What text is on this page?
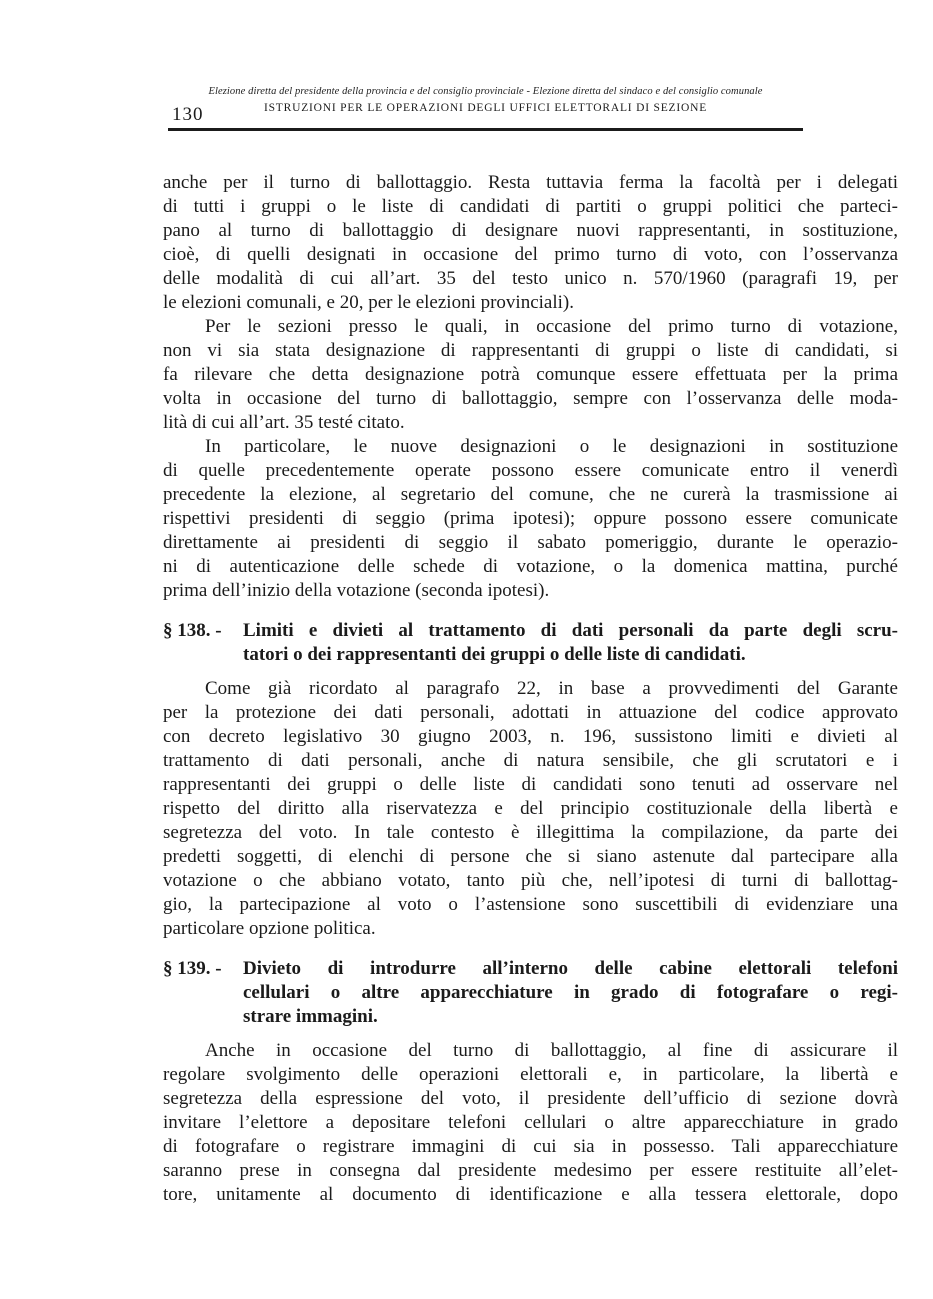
Elezione diretta del presidente della provincia e del consiglio provinciale - Elezione diretta del sindaco e del consiglio comunale
ISTRUZIONI PER LE OPERAZIONI DEGLI UFFICI ELETTORALI DI SEZIONE
130
anche per il turno di ballottaggio. Resta tuttavia ferma la facoltà per i delegati
di tutti i gruppi o le liste di candidati di partiti o gruppi politici che parteci-
pano al turno di ballottaggio di designare nuovi rappresentanti, in sostituzione,
cioè, di quelli designati in occasione del primo turno di voto, con l’osservanza
delle modalità di cui all’art. 35 del testo unico n. 570/1960 (paragrafi 19, per
le elezioni comunali, e 20, per le elezioni provinciali).
Per le sezioni presso le quali, in occasione del primo turno di votazione,
non vi sia stata designazione di rappresentanti di gruppi o liste di candidati, si
fa rilevare che detta designazione potrà comunque essere effettuata per la prima
volta in occasione del turno di ballottaggio, sempre con l’osservanza delle moda-
lità di cui all’art. 35 testé citato.
In particolare, le nuove designazioni o le designazioni in sostituzione
di quelle precedentemente operate possono essere comunicate entro il venerdì
precedente la elezione, al segretario del comune, che ne curerà la trasmissione ai
rispettivi presidenti di seggio (prima ipotesi); oppure possono essere comunicate
direttamente ai presidenti di seggio il sabato pomeriggio, durante le operazio-
ni di autenticazione delle schede di votazione, o la domenica mattina, purché
prima dell’inizio della votazione (seconda ipotesi).
§ 138. -	Limiti e divieti al trattamento di dati personali da parte degli scru-
tatori o dei rappresentanti dei gruppi o delle liste di candidati.
Come già ricordato al paragrafo 22, in base a provvedimenti del Garante
per la protezione dei dati personali, adottati in attuazione del codice approvato
con decreto legislativo 30 giugno 2003, n. 196, sussistono limiti e divieti al
trattamento di dati personali, anche di natura sensibile, che gli scrutatori e i
rappresentanti dei gruppi o delle liste di candidati sono tenuti ad osservare nel
rispetto del diritto alla riservatezza e del principio costituzionale della libertà e
segretezza del voto. In tale contesto è illegittima la compilazione, da parte dei
predetti soggetti, di elenchi di persone che si siano astenute dal partecipare alla
votazione o che abbiano votato, tanto più che, nell’ipotesi di turni di ballottag-
gio, la partecipazione al voto o l’astensione sono suscettibili di evidenziare una
particolare opzione politica.
§ 139. -	Divieto di introdurre all’interno delle cabine elettorali telefoni
cellulari o altre apparecchiature in grado di fotografare o regi-
strare immagini.
Anche in occasione del turno di ballottaggio, al fine di assicurare il
regolare svolgimento delle operazioni elettorali e, in particolare, la libertà e
segretezza della espressione del voto, il presidente dell’ufficio di sezione dovrà
invitare l’elettore a depositare telefoni cellulari o altre apparecchiature in grado
di fotografare o registrare immagini di cui sia in possesso. Tali apparecchiature
saranno prese in consegna dal presidente medesimo per essere restituite all’elet-
tore, unitamente al documento di identificazione e alla tessera elettorale, dopo
